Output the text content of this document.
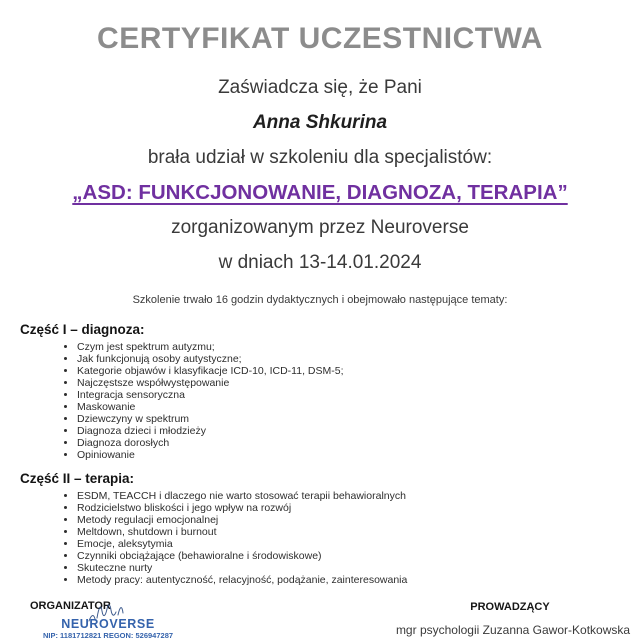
CERTYFIKAT UCZESTNICTWA
Zaświadcza się, że Pani
Anna Shkurina
brała udział w szkoleniu dla specjalistów:
„ASD: FUNKCJONOWANIE, DIAGNOZA, TERAPIA”
zorganizowanym przez Neuroverse
w dniach 13-14.01.2024
Szkolenie trwało 16 godzin dydaktycznych i obejmowało następujące tematy:

Część I – diagnoza:

• Czym jest spektrum autyzmu;
• Jak funkcjonują osoby autystyczne;
• Kategorie objawów i klasyfikacje ICD-10, ICD-11, DSM-5;
• Najczęstsze współwystępowanie
• Integracja sensoryczna
• Maskowanie
• Dziewczyny w spektrum
• Diagnoza dzieci i młodzieży
• Diagnoza dorosłych
• Opiniowanie

Część II – terapia:

• ESDM, TEACCH i dlaczego nie warto stosować terapii behawioralnych
• Rodzicielstwo bliskości i jego wpływ na rozwój
• Metody regulacji emocjonalnej
• Meltdown, shutdown i burnout
• Emocje, aleksytymia
• Czynniki obciążające (behawioralne i środowiskowe)
• Skuteczne nurty
• Metody pracy: autentyczność, relacyjność, podążanie, zainteresowania
ORGANIZATOR
NEUROVERSE
NIP: 1181712821 REGON: 526947287
PROWADZĄCY
mgr psychologii Zuzanna Gawor-Kotkowska
